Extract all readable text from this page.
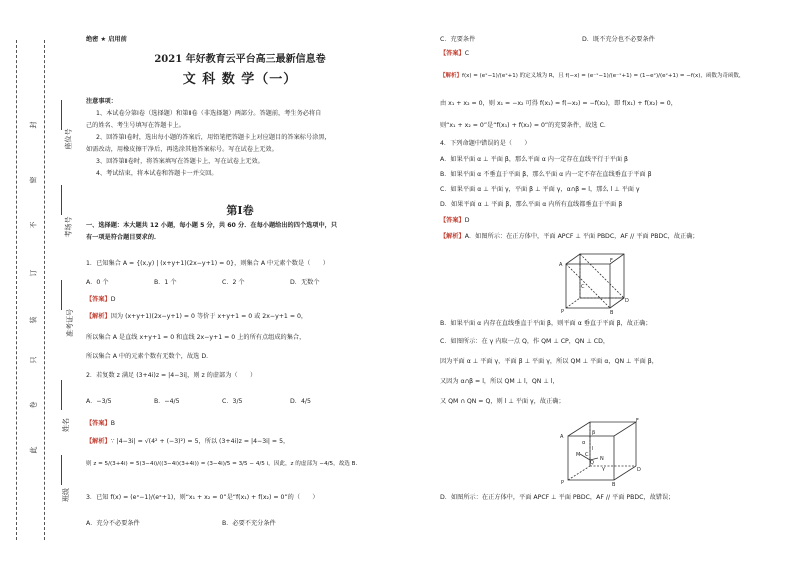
封
密
不
订
装
只
卷
此
座位号
考场号
准考证号
姓名
班级
绝密 ★ 启用前
2021 年好教育云平台高三最新信息卷
文 科 数 学（一）
注意事项：
1、本试卷分第Ⅰ卷（选择题）和第Ⅱ卷（非选择题）两部分。答题前，考生务必将自
己的姓名、考生号填写在答题卡上。
2、回答第Ⅰ卷时，选出每小题的答案后，用铅笔把答题卡上对应题目的答案标号涂黑，
如需改动，用橡皮擦干净后，再选涂其他答案标号。写在试卷上无效。
3、回答第Ⅱ卷时，将答案填写在答题卡上，写在试卷上无效。
4、考试结束，将本试卷和答题卡一并交回。
第Ⅰ卷
一、选择题：本大题共 12 小题，每小题 5 分，共 60 分．在每小题给出的四个选项中，只
有一项是符合题目要求的．
1．已知集合 A = {(x,y) | (x+y+1)(2x−y+1) = 0}，则集合 A 中元素个数是（　　）
A．0 个	B．1 个	C．2 个	D．无数个
【答案】D
【解析】因为 (x+y+1)(2x−y+1) = 0 等价于 x+y+1 = 0 或 2x−y+1 = 0，
所以集合 A 是直线 x+y+1 = 0 和直线 2x−y+1 = 0 上的所有点组成的集合，
所以集合 A 中的元素个数有无数个，故选 D．
2．若复数 z 满足 (3+4i)z = |4−3i|，则 z 的虚部为（　　）
A．−3/5	B．−4/5	C．3/5	D．4/5
【答案】B
【解析】∵ |4−3i| = √(4² + (−3)²) = 5，所以 (3+4i)z = |4−3i| = 5，
则 z = 5/(3+4i) = 5(3−4i)/((3−4i)(3+4i)) = (3−4i)/5 = 3/5 − 4/5 i，因此，z 的虚部为 −4/5，故选 B．
3．已知 f(x) = (eˣ−1)/(eˣ+1)，则“x₁ + x₂ = 0”是“f(x₁) + f(x₂) = 0”的（　　）
A．充分不必要条件	B．必要不充分条件
C．充要条件	D．既不充分也不必要条件
【答案】C
【解析】f(x) = (eˣ−1)/(eˣ+1) 的定义域为 R，且 f(−x) = (e⁻ˣ−1)/(e⁻ˣ+1) = (1−eˣ)/(eˣ+1) = −f(x)，函数为奇函数，
由 x₁ + x₂ = 0，则 x₁ = −x₂ 可得 f(x₁) = f(−x₂) = −f(x₂)，即 f(x₁) + f(x₂) = 0，
则“x₁ + x₂ = 0”是“f(x₁) + f(x₂) = 0”的充要条件，故选 C．
4．下列命题中错误的是（　　）
A．如果平面 α ⊥ 平面 β，那么平面 α 内一定存在直线平行于平面 β
B．如果平面 α 不垂直于平面 β，那么平面 α 内一定不存在直线垂直于平面 β
C．如果平面 α ⊥ 平面 γ，平面 β ⊥ 平面 γ，α∩β = l，那么 l ⊥ 平面 γ
D．如果平面 α ⊥ 平面 β，那么平面 α 内所有直线都垂直于平面 β
【答案】D
【解析】A．如图所示：在正方体中，平面 APCF ⊥ 平面 PBDC，AF // 平面 PBDC，故正确；
A
C
F
P	B
D
B．如果平面 α 内存在直线垂直于平面 β，则平面 α 垂直于平面 β，故正确；
C．如图所示：在 γ 内取一点 Q，作 QM ⊥ CP，QN ⊥ CD，
因为平面 α ⊥ 平面 γ，平面 β ⊥ 平面 γ，所以 QM ⊥ 平面 α，QN ⊥ 平面 β，
又因为 α∩β = l，所以 QM ⊥ l，QN ⊥ l，
又 QM ∩ QN = Q，则 l ⊥ 平面 γ，故正确；
A
F
β
α
C
M
l
P
Q
N
γ
B
D
D．如图所示：在正方体中，平面 APCF ⊥ 平面 PBDC，AF // 平面 PBDC，故错误；
